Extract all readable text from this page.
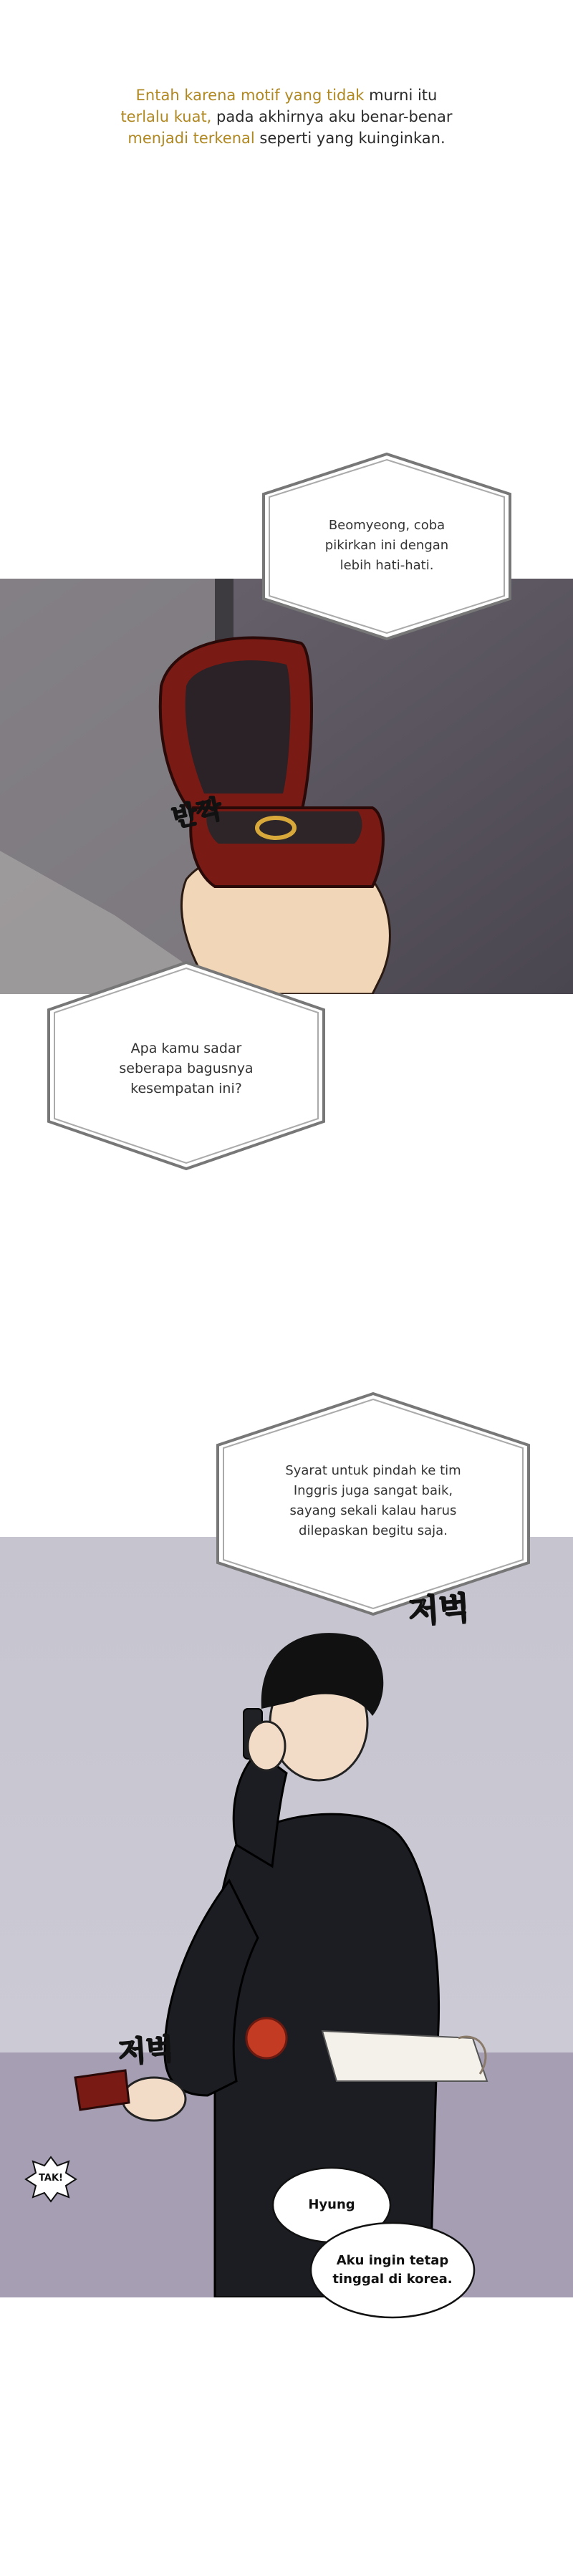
Entah karena motif yang tidak murni itu
terlalu kuat, pada akhirnya aku benar-benar
menjadi terkenal seperti yang kuinginkan.
반짝
Beomyeong, coba
pikirkan ini dengan
lebih hati-hati.
Apa kamu sadar
seberapa bagusnya
kesempatan ini?
Syarat untuk pindah ke tim
Inggris juga sangat baik,
sayang sekali kalau harus
dilepaskan begitu saja.
저벅
저벅
TAK!
Hyung
Aku ingin tetap
tinggal di korea.
